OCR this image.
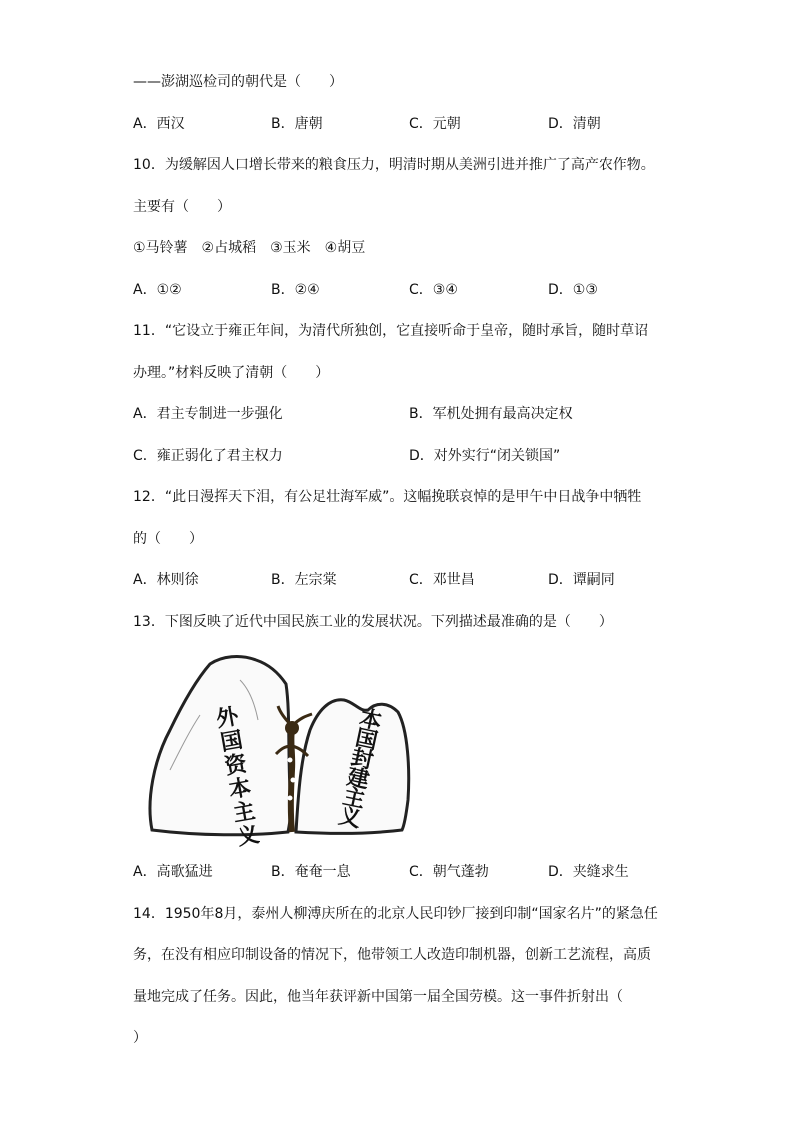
——澎湖巡检司的朝代是（　　）
A．西汉	B．唐朝	C．元朝	D．清朝
10．为缓解因人口增长带来的粮食压力，明清时期从美洲引进并推广了高产农作物。
主要有（　　）
①马铃薯　②占城稻　③玉米　④胡豆
A．①②	B．②④	C．③④	D．①③
11．“它设立于雍正年间，为清代所独创，它直接听命于皇帝，随时承旨，随时草诏
办理。”材料反映了清朝（　　）
A．君主专制进一步强化	B．军机处拥有最高决定权
C．雍正弱化了君主权力	D．对外实行“闭关锁国”
12．“此日漫挥天下泪，有公足壮海军威”。这幅挽联哀悼的是甲午中日战争中牺牲
的（　　）
A．林则徐	B．左宗棠	C．邓世昌	D．谭嗣同
13．下图反映了近代中国民族工业的发展状况。下列描述最准确的是（　　）
外
国
资
本
主
义
本
国
封
建
主
义
A．高歌猛进	B．奄奄一息	C．朝气蓬勃	D．夹缝求生
14．1950年8月，泰州人柳溥庆所在的北京人民印钞厂接到印制“国家名片”的紧急任
务，在没有相应印制设备的情况下，他带领工人改造印制机器，创新工艺流程，高质
量地完成了任务。因此，他当年获评新中国第一届全国劳模。这一事件折射出（
）
